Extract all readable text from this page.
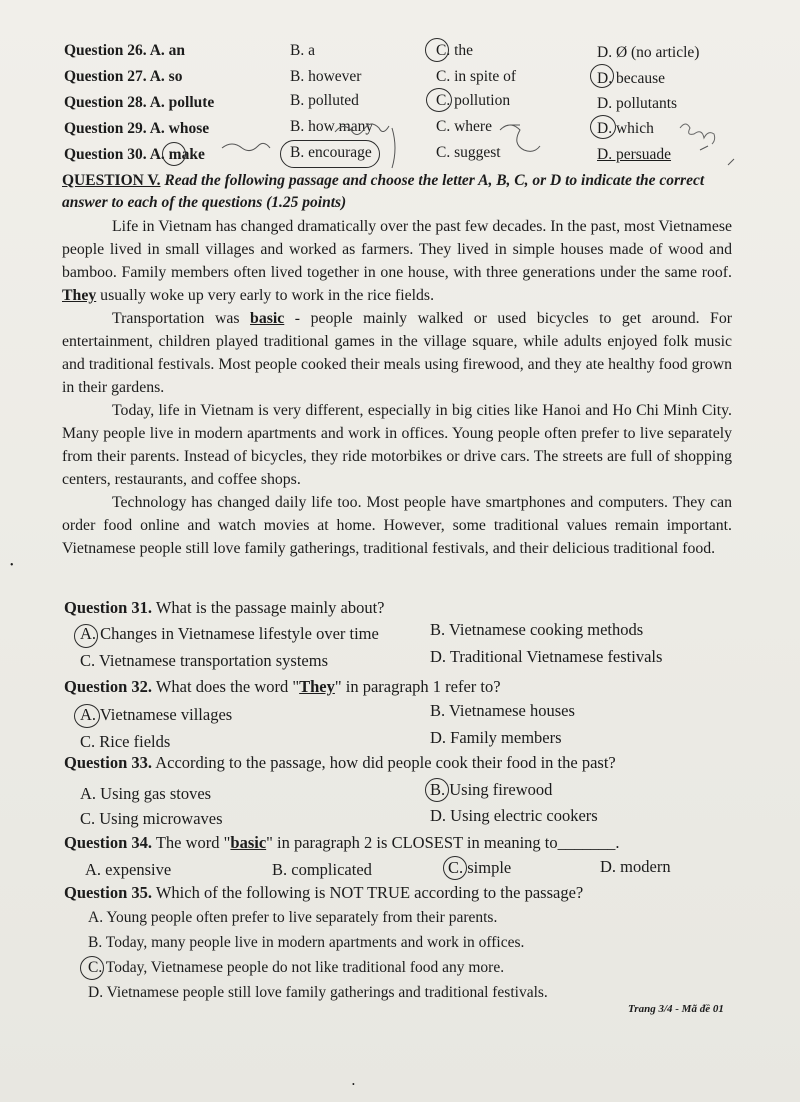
Question 26. A. an	B. a	C. the	D. Ø (no article)
Question 27. A. so	B. however	C. in spite of	D. because
Question 28. A. pollute	B. polluted	C. pollution	D. pollutants
Question 29. A. whose	B. how many	C. where	D. which
Question 30. A. make	B. encourage	C. suggest	D. persuade
QUESTION V. Read the following passage and choose the letter A, B, C, or D to indicate the correct answer to each of the questions (1.25 points)

Life in Vietnam has changed dramatically over the past few decades. In the past, most Vietnamese people lived in small villages and worked as farmers. They lived in simple houses made of wood and bamboo. Family members often lived together in one house, with three generations under the same roof. They usually woke up very early to work in the rice fields.

Transportation was basic - people mainly walked or used bicycles to get around. For entertainment, children played traditional games in the village square, while adults enjoyed folk music and traditional festivals. Most people cooked their meals using firewood, and they ate healthy food grown in their gardens.

Today, life in Vietnam is very different, especially in big cities like Hanoi and Ho Chi Minh City. Many people live in modern apartments and work in offices. Young people often prefer to live separately from their parents. Instead of bicycles, they ride motorbikes or drive cars. The streets are full of shopping centers, restaurants, and coffee shops.

Technology has changed daily life too. Most people have smartphones and computers. They can order food online and watch movies at home. However, some traditional values remain important. Vietnamese people still love family gatherings, traditional festivals, and their delicious traditional food.

Question 31. What is the passage mainly about?
A. Changes in Vietnamese lifestyle over time	B. Vietnamese cooking methods
C. Vietnamese transportation systems	D. Traditional Vietnamese festivals
Question 32. What does the word "They" in paragraph 1 refer to?
A. Vietnamese villages	B. Vietnamese houses
C. Rice fields	D. Family members
Question 33. According to the passage, how did people cook their food in the past?
A. Using gas stoves	B. Using firewood
C. Using microwaves	D. Using electric cookers
Question 34. The word "basic" in paragraph 2 is CLOSEST in meaning to_______.
A. expensive	B. complicated	C. simple	D. modern
Question 35. Which of the following is NOT TRUE according to the passage?
A. Young people often prefer to live separately from their parents.
B. Today, many people live in modern apartments and work in offices.
C. Today, Vietnamese people do not like traditional food any more.
D. Vietnamese people still love family gatherings and traditional festivals.
Trang 3/4 - Mã đề 01
•
•
